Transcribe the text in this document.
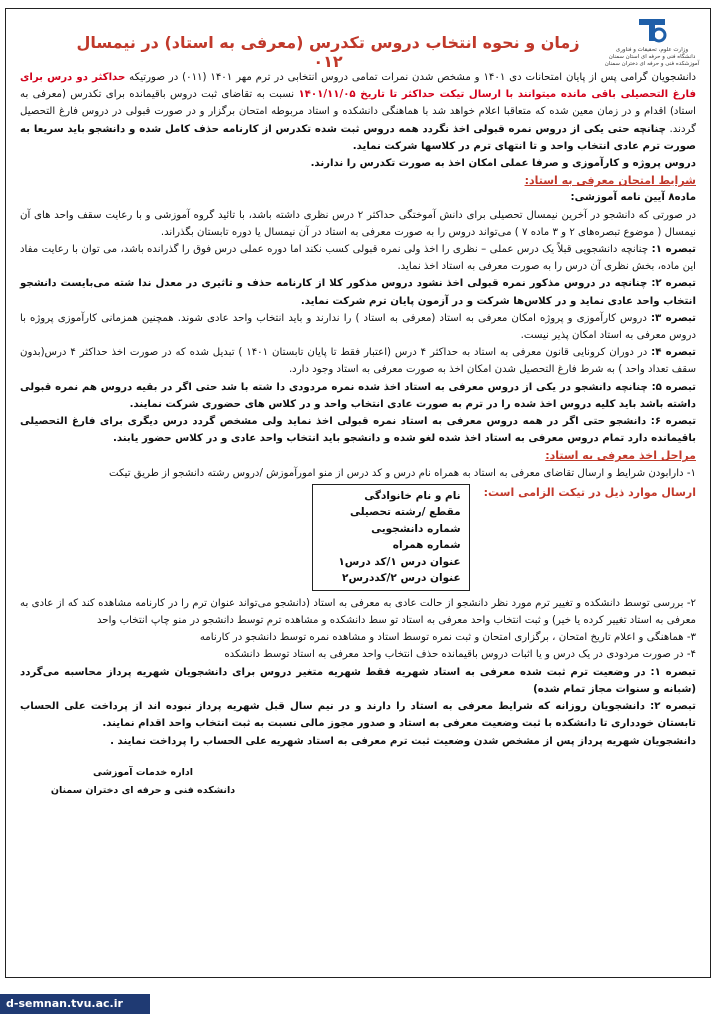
وزارت علوم، تحقیقات و فناوری
دانشگاه فنی و حرفه ای استان سمنان
آموزشکده فنی و حرفه ای دختران سمنان
زمان و نحوه انتخاب دروس تکدرس (معرفی به استاد) در نیمسال ۰۱۲

دانشجویان گرامی پس از پایان امتحانات دی ۱۴۰۱ و مشخص شدن نمرات تمامی دروس انتخابی در ترم مهر ۱۴۰۱ (۰۱۱) در صورتیکه حداکثر دو درس برای فارغ التحصیلی باقی مانده میتوانند با ارسال تیکت حداکثر تا تاریخ ۱۴۰۱/۱۱/۰۵ نسبت به تقاضای ثبت دروس باقیمانده برای تکدرس (معرفی به استاد) اقدام و در زمان معین شده که متعاقبا اعلام خواهد شد با هماهنگی دانشکده و استاد مربوطه امتحان برگزار و در صورت قبولی در دروس فارغ التحصیل گردند. چنانچه حتی یکی از دروس نمره قبولی اخذ نگردد همه دروس ثبت شده تکدرس از کارنامه حذف کامل شده و دانشجو باید سریعا به صورت ترم عادی انتخاب واحد و تا انتهای ترم در کلاسها شرکت نماید.

دروس پروژه و کارآموزی و صرفا عملی امکان اخذ به صورت تکدرس را ندارند.

شرایط امتحان معرفی به استاد:

ماده۸ آیین نامه آموزشی:

در صورتی که دانشجو در آخرین نیمسال تحصیلی برای دانش آموختگی حداکثر ۲ درس نظری داشته باشد، با تائید گروه آموزشی و با رعایت سقف واحد های آن نیمسال ( موضوع تبصره‌های ۲ و ۳ ماده ۷ ) می‌تواند دروس را به صورت معرفی به استاد در آن نیمسال یا دوره تابستان بگذراند.

تبصره ۱: چنانچه دانشجویی قبلاً یک درس عملی – نظری را اخذ ولی نمره قبولی کسب نکند اما دوره عملی درس فوق را گذرانده باشد، می توان با رعایت مفاد این ماده، بخش نظری آن درس را به صورت معرفی به استاد اخذ نماید.

تبصره ۲: چنانچه در دروس مذکور نمره قبولی اخذ نشود دروس مذکور کلا از کارنامه حذف و تاثیری در معدل ندا شته می‌بایست دانشجو انتخاب واحد عادی نماید و در کلاس‌ها شرکت و در آزمون پایان ترم شرکت نماید.

تبصره ۳: دروس کارآموزی و پروژه امکان معرفی به استاد (معرفی به استاد ) را ندارند و باید انتخاب واحد عادی شوند. همچنین همزمانی کارآموزی پروژه با دروس معرفی به استاد امکان پذیر نیست.

تبصره ۴: در دوران کرونایی قانون معرفی به استاد به حداکثر ۴ درس (اعتبار فقط تا پایان تابستان ۱۴۰۱ ) تبدیل شده که در صورت اخذ حداکثر ۴ درس(بدون سقف تعداد واحد ) به شرط فارغ التحصیل شدن امکان اخذ به صورت معرفی به استاد وجود دارد.

تبصره ۵: چنانچه دانشجو در یکی از دروس معرفی به استاد اخذ شده نمره مردودی دا شته با شد حتی اگر در بقیه دروس هم نمره قبولی داشته باشد باید کلیه دروس اخذ شده را در ترم به صورت عادی انتخاب واحد و در کلاس های حضوری شرکت نمایند.

تبصره ۶: دانشجو حتی اگر در همه دروس معرفی به استاد نمره قبولی اخذ نماید ولی مشخص گردد درس دیگری برای فارغ التحصیلی باقیمانده دارد تمام دروس معرفی به استاد اخذ شده لغو شده و دانشجو باید انتخاب واحد عادی و در کلاس حضور یابند.

مراحل اخذ معرفی به استاد:

۱- دارابودن شرایط و ارسال تقاضای معرفی به استاد به همراه نام درس و کد درس از منو امورآموزش /دروس رشته دانشجو از طریق تیکت

ارسال موارد ذیل در تیکت الزامی است:
نام و نام خانوادگی
مقطع /رشته تحصیلی
شماره دانشجویی
شماره همراه
عنوان درس ۱/کد درس۱
عنوان درس ۲/کددرس۲

۲- بررسی توسط دانشکده و تغییر ترم مورد نظر دانشجو از حالت عادی به معرفی به استاد (دانشجو می‌تواند عنوان ترم را در کارنامه مشاهده کند که از عادی به معرفی به استاد تغییر کرده یا خیر) و ثبت انتخاب واحد معرفی به استاد تو سط دانشکده و مشاهده ترم توسط دانشجو در منو چاپ انتخاب واحد

۳- هماهنگی و اعلام تاریخ امتحان ، برگزاری امتحان و ثبت نمره توسط استاد و مشاهده نمره توسط دانشجو در کارنامه

۴- در صورت مردودی در یک درس و یا اثبات دروس باقیمانده حذف انتخاب واحد معرفی به استاد توسط دانشکده

تبصره ۱: در وضعیت ترم ثبت شده معرفی به استاد شهریه فقط شهریه متغیر دروس برای دانشجویان شهریه پرداز محاسبه می‌گردد (شبانه و سنوات مجاز تمام شده)

تبصره ۲: دانشجویان روزانه که شرایط معرفی به استاد را دارند و در نیم سال قبل شهریه پرداز نبوده اند از پرداخت علی الحساب تابستان خودداری تا دانشکده با ثبت وضعیت معرفی به استاد و صدور مجوز مالی نسبت به ثبت انتخاب واحد اقدام نمایند.

دانشجویان شهریه پرداز پس از مشخص شدن وضعیت ثبت ترم معرفی به استاد شهریه علی الحساب را پرداخت نمایند .

اداره خدمات آموزشی
دانشکده فنی و حرفه ای دختران سمنان
d-semnan.tvu.ac.ir
